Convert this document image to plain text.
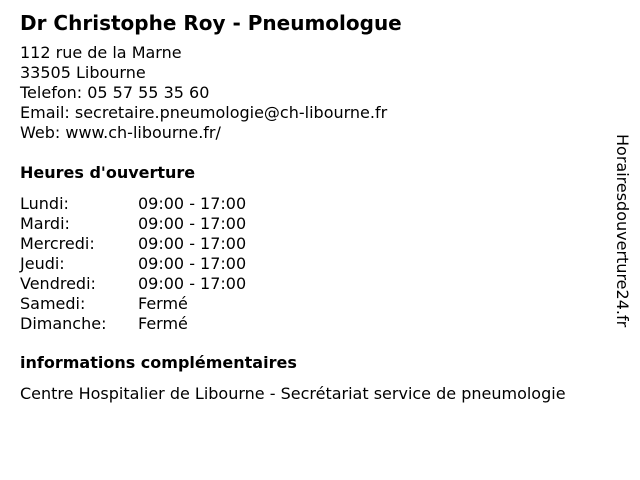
Dr Christophe Roy - Pneumologue
112 rue de la Marne
33505 Libourne
Telefon: 05 57 55 35 60
Email: secretaire.pneumologie@ch-libourne.fr
Web: www.ch-libourne.fr/
Heures d'ouverture
Lundi:	09:00 - 17:00
Mardi:	09:00 - 17:00
Mercredi:	09:00 - 17:00
Jeudi:	09:00 - 17:00
Vendredi:	09:00 - 17:00
Samedi:	Fermé
Dimanche: Fermé
informations complémentaires
Centre Hospitalier de Libourne - Secrétariat service de pneumologie
Horairesdouverture24.fr
